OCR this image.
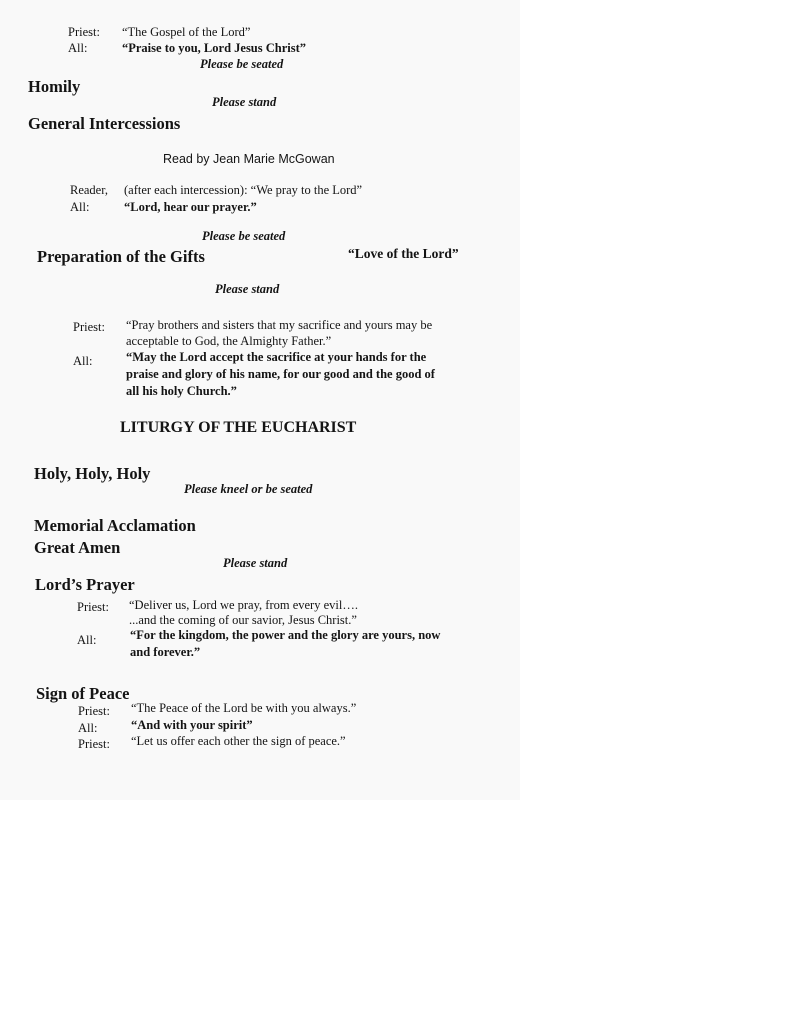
Priest: “The Gospel of the Lord”
All:	“Praise to you, Lord Jesus Christ”
Please be seated
Homily
Please stand
General Intercessions
Read by Jean Marie McGowan
Reader, (after each intercession): “We pray to the Lord”
All:	“Lord, hear our prayer.”
Please be seated
Preparation of the Gifts	“Love of the Lord”
Please stand
Priest: “Pray brothers and sisters that my sacrifice and yours may be
acceptable to God, the Almighty Father.”
All:	“May the Lord accept the sacrifice at your hands for the
praise and glory of his name, for our good and the good of
all his holy Church.”
LITURGY OF THE EUCHARIST
Holy, Holy, Holy
Please kneel or be seated
Memorial Acclamation
Great Amen
Please stand
Lord’s Prayer
Priest: “Deliver us, Lord we pray, from every evil….
...and the coming of our savior, Jesus Christ.”
All:	“For the kingdom, the power and the glory are yours, now
and forever.”
Sign of Peace
Priest: “The Peace of the Lord be with you always.”
All:	“And with your spirit”
Priest: “Let us offer each other the sign of peace.”
